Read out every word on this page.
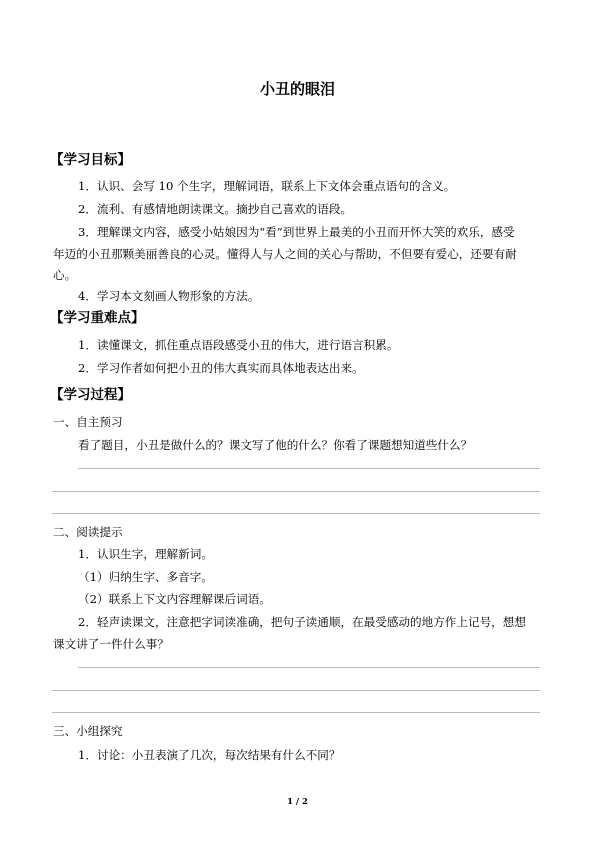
小丑的眼泪
【学习目标】
1．认识、会写 10 个生字，理解词语，联系上下文体会重点语句的含义。
2．流利、有感情地朗读课文。摘抄自己喜欢的语段。
3．理解课文内容，感受小姑娘因为“看”到世界上最美的小丑而开怀大笑的欢乐，感受
年迈的小丑那颗美丽善良的心灵。懂得人与人之间的关心与帮助，不但要有爱心，还要有耐
心。
4．学习本文刻画人物形象的方法。
【学习重难点】
1．读懂课文，抓住重点语段感受小丑的伟大，进行语言积累。
2．学习作者如何把小丑的伟大真实而具体地表达出来。
【学习过程】
一、自主预习
看了题目，小丑是做什么的？课文写了他的什么？你看了课题想知道些什么？
二、阅读提示
1．认识生字，理解新词。
（1）归纳生字、多音字。
（2）联系上下文内容理解课后词语。
2．轻声读课文，注意把字词读准确，把句子读通顺，在最受感动的地方作上记号，想想
课文讲了一件什么事？
三、小组探究
1．讨论：小丑表演了几次，每次结果有什么不同？
1 / 2
